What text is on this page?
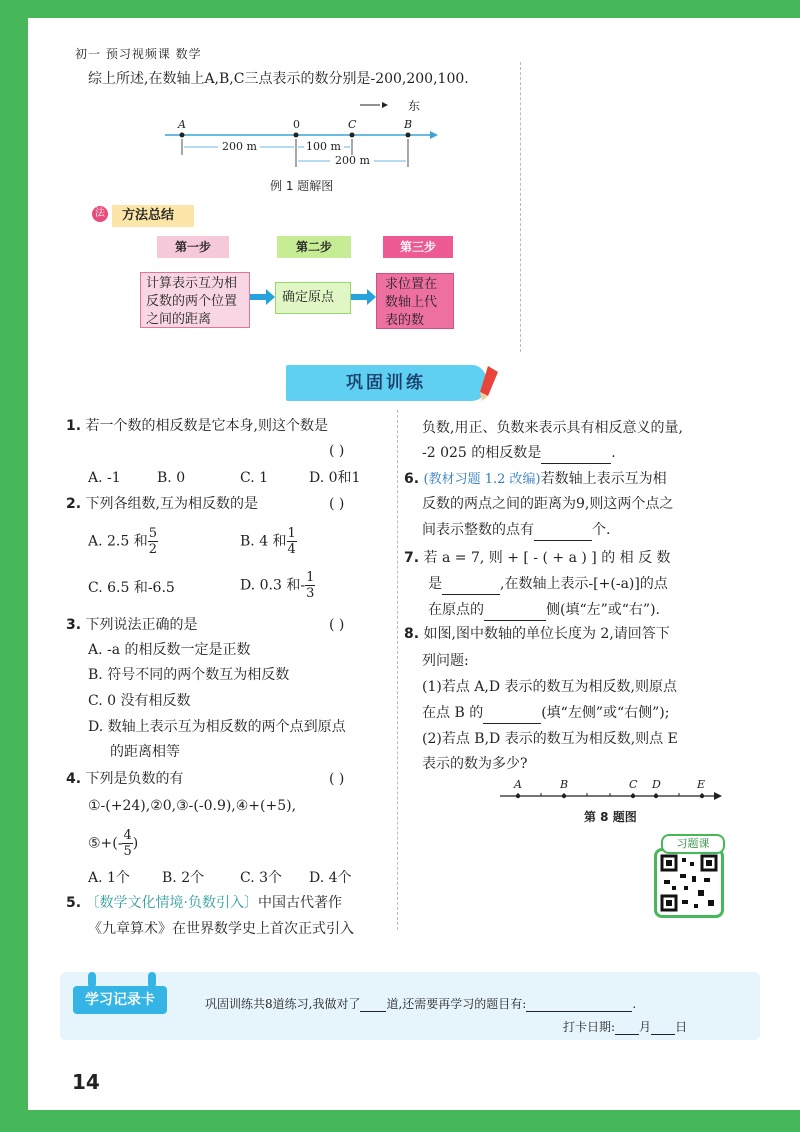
初一 预习视频课 数学
综上所述,在数轴上A,B,C三点表示的数分别是-200,200,100.
东
A	0	C	B
200 m	100 m
200 m
例 1 题解图
法	方法总结
第一步	第二步	第三步
计算表示互为相
反数的两个位置
之间的距离
确定原点
求位置在
数轴上代
表的数
巩固训练
1. 若一个数的相反数是它本身,则这个数是
( )
A. -1	B. 0	C. 1	D. 0和1
2. 下列各组数,互为相反数的是	( )
A. 2.5 和 $\frac{5}{2}$	B. 4 和 $\frac{1}{4}$
C. 6.5 和-6.5	D. 0.3 和- $\frac{1}{3}$
3. 下列说法正确的是	( )
A. -a 的相反数一定是正数
B. 符号不同的两个数互为相反数
C. 0 没有相反数
D. 数轴上表示互为相反数的两个点到原点
的距离相等
4. 下列是负数的有	( )
①-(+24),②0,③-(-0.9),④+(+5),
⑤+(- $\frac{4}{5}$ )
A. 1个 B. 2个	C. 3个 D. 4个
5. 〔数学文化情境·负数引入〕中国古代著作
《九章算术》在世界数学史上首次正式引入
负数,用正、负数来表示具有相反意义的量,
-2 025 的相反数是	.
6. (教材习题 1.2 改编)若数轴上表示互为相
反数的两点之间的距离为9,则这两个点之
间表示整数的点有	个.
7. 若 a = 7, 则 + [ - ( + a ) ] 的 相 反 数
是	,在数轴上表示-[+(-a)]的点
在原点的	侧(填“左”或“右”).
8. 如图,图中数轴的单位长度为 2,请回答下
列问题:
(1)若点 A,D 表示的数互为相反数,则原点
在点 B 的	(填“左侧”或“右侧”);
(2)若点 B,D 表示的数互为相反数,则点 E
表示的数为多少?
A	B	C D	E
第 8 题图
习题课
学习记录卡	巩固训练共8道练习,我做对了 道,还需要再学习的题目有:	.
打卡日期: 月 日
14
